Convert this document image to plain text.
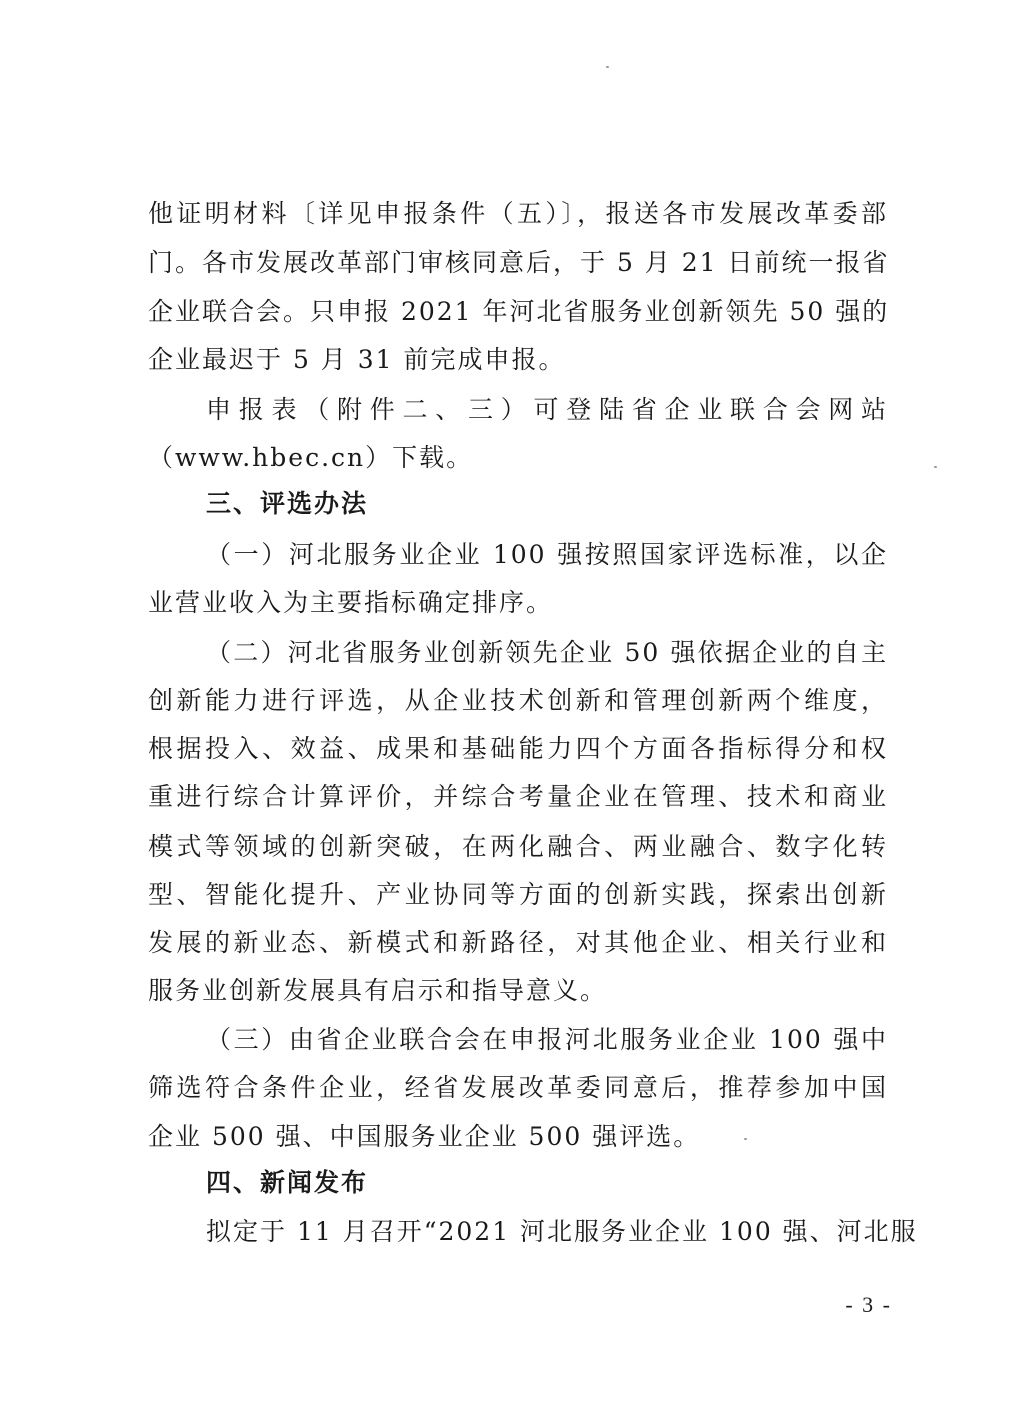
他证明材料〔详见申报条件（五）〕，报送各市发展改革委部
门。各市发展改革部门审核同意后，于 5 月 21 日前统一报省
企业联合会。只申报 2021 年河北省服务业创新领先 50 强的
企业最迟于 5 月 31 前完成申报。
申报表（附件二、三）可登陆省企业联合会网站
（www.hbec.cn）下载。
三、评选办法
（一）河北服务业企业 100 强按照国家评选标准，以企
业营业收入为主要指标确定排序。
（二）河北省服务业创新领先企业 50 强依据企业的自主
创新能力进行评选，从企业技术创新和管理创新两个维度，
根据投入、效益、成果和基础能力四个方面各指标得分和权
重进行综合计算评价，并综合考量企业在管理、技术和商业
模式等领域的创新突破，在两化融合、两业融合、数字化转
型、智能化提升、产业协同等方面的创新实践，探索出创新
发展的新业态、新模式和新路径，对其他企业、相关行业和
服务业创新发展具有启示和指导意义。
（三）由省企业联合会在申报河北服务业企业 100 强中
筛选符合条件企业，经省发展改革委同意后，推荐参加中国
企业 500 强、中国服务业企业 500 强评选。
四、新闻发布
拟定于 11 月召开“2021 河北服务业企业 100 强、河北服
- 3 -
